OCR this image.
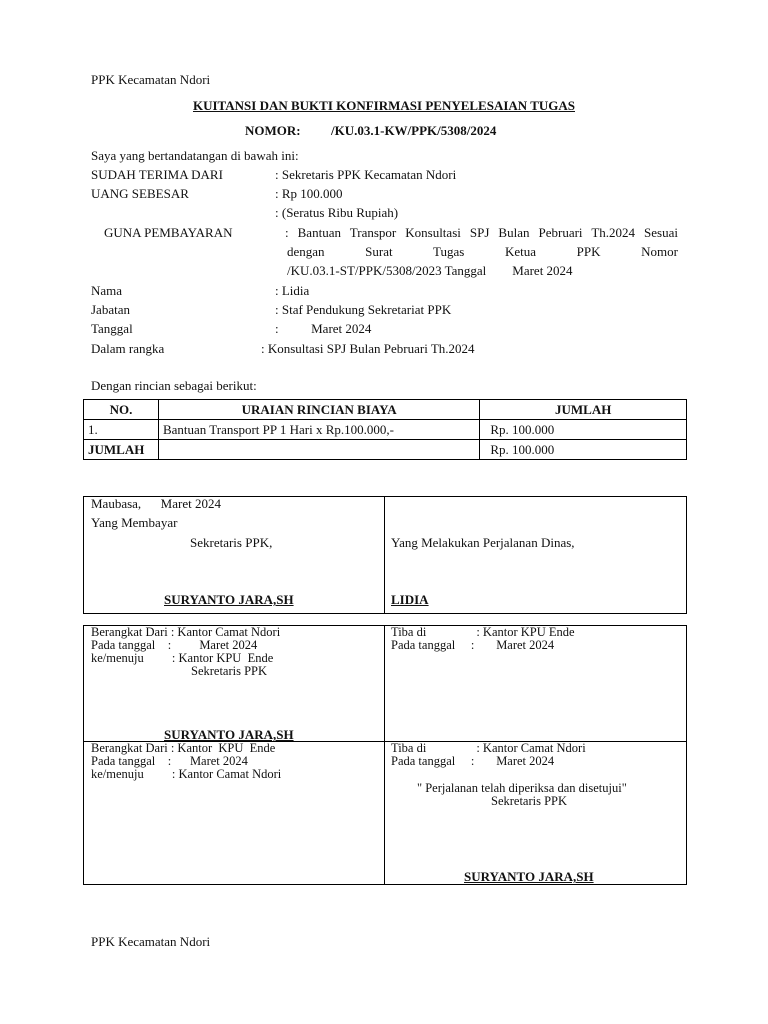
PPK Kecamatan Ndori
KUITANSI DAN BUKTI KONFIRMASI PENYELESAIAN TUGAS
NOMOR: /KU.03.1-KW/PPK/5308/2024
Saya yang bertandatangan di bawah ini:
SUDAH TERIMA DARI	: Sekretaris PPK Kecamatan Ndori
UANG SEBESAR	: Rp 100.000
: (Seratus Ribu Rupiah)
GUNA PEMBAYARAN	: Bantuan Transpor Konsultasi SPJ Bulan Pebruari Th.2024 Sesuai
dengan Surat Tugas Ketua PPK Nomor
/KU.03.1-ST/PPK/5308/2023 Tanggal        Maret 2024
Nama	: Lidia
Jabatan	: Staf Pendukung Sekretariat PPK
Tanggal	:          Maret 2024
Dalam rangka	: Konsultasi SPJ Bulan Pebruari Th.2024
Dengan rincian sebagai berikut:
NO.	URAIAN RINCIAN BIAYA	JUMLAH
1.	Bantuan Transport PP 1 Hari x Rp.100.000,-	Rp. 100.000
JUMLAH		Rp. 100.000
Maubasa,      Maret 2024
Yang Membayar
Sekretaris PPK,
SURYANTO JARA,SH
Yang Melakukan Perjalanan Dinas,
LIDIA
Berangkat Dari : Kantor Camat Ndori
Pada tanggal    :         Maret 2024
ke/menuju         : Kantor KPU  Ende
Sekretaris PPK
SURYANTO JARA,SH
Tiba di                : Kantor KPU Ende
Pada tanggal     :       Maret 2024
Berangkat Dari : Kantor  KPU  Ende
Pada tanggal    :      Maret 2024
ke/menuju         : Kantor Camat Ndori
Tiba di                : Kantor Camat Ndori
Pada tanggal     :       Maret 2024
" Perjalanan telah diperiksa dan disetujui"
Sekretaris PPK
SURYANTO JARA,SH
PPK Kecamatan Ndori
